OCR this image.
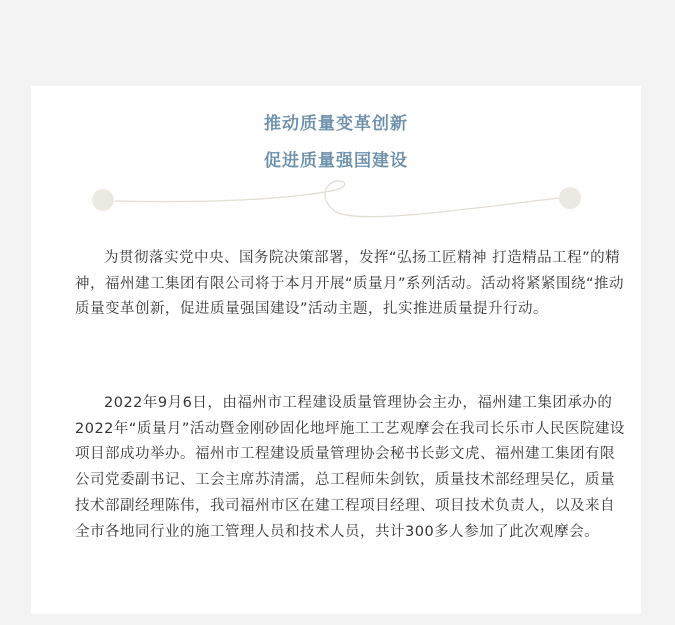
推动质量变革创新
促进质量强国建设

为贯彻落实党中央、国务院决策部署，发挥“弘扬工匠精神 打造精品工程”的精神，福州建工集团有限公司将于本月开展“质量月”系列活动。活动将紧紧围绕“推动质量变革创新，促进质量强国建设”活动主题，扎实推进质量提升行动。

2022年9月6日，由福州市工程建设质量管理协会主办，福州建工集团承办的2022年“质量月”活动暨金刚砂固化地坪施工工艺观摩会在我司长乐市人民医院建设项目部成功举办。福州市工程建设质量管理协会秘书长彭文虎、福州建工集团有限公司党委副书记、工会主席苏清濡，总工程师朱剑钦，质量技术部经理吴亿，质量技术部副经理陈伟，我司福州市区在建工程项目经理、项目技术负责人，以及来自全市各地同行业的施工管理人员和技术人员，共计300多人参加了此次观摩会。
